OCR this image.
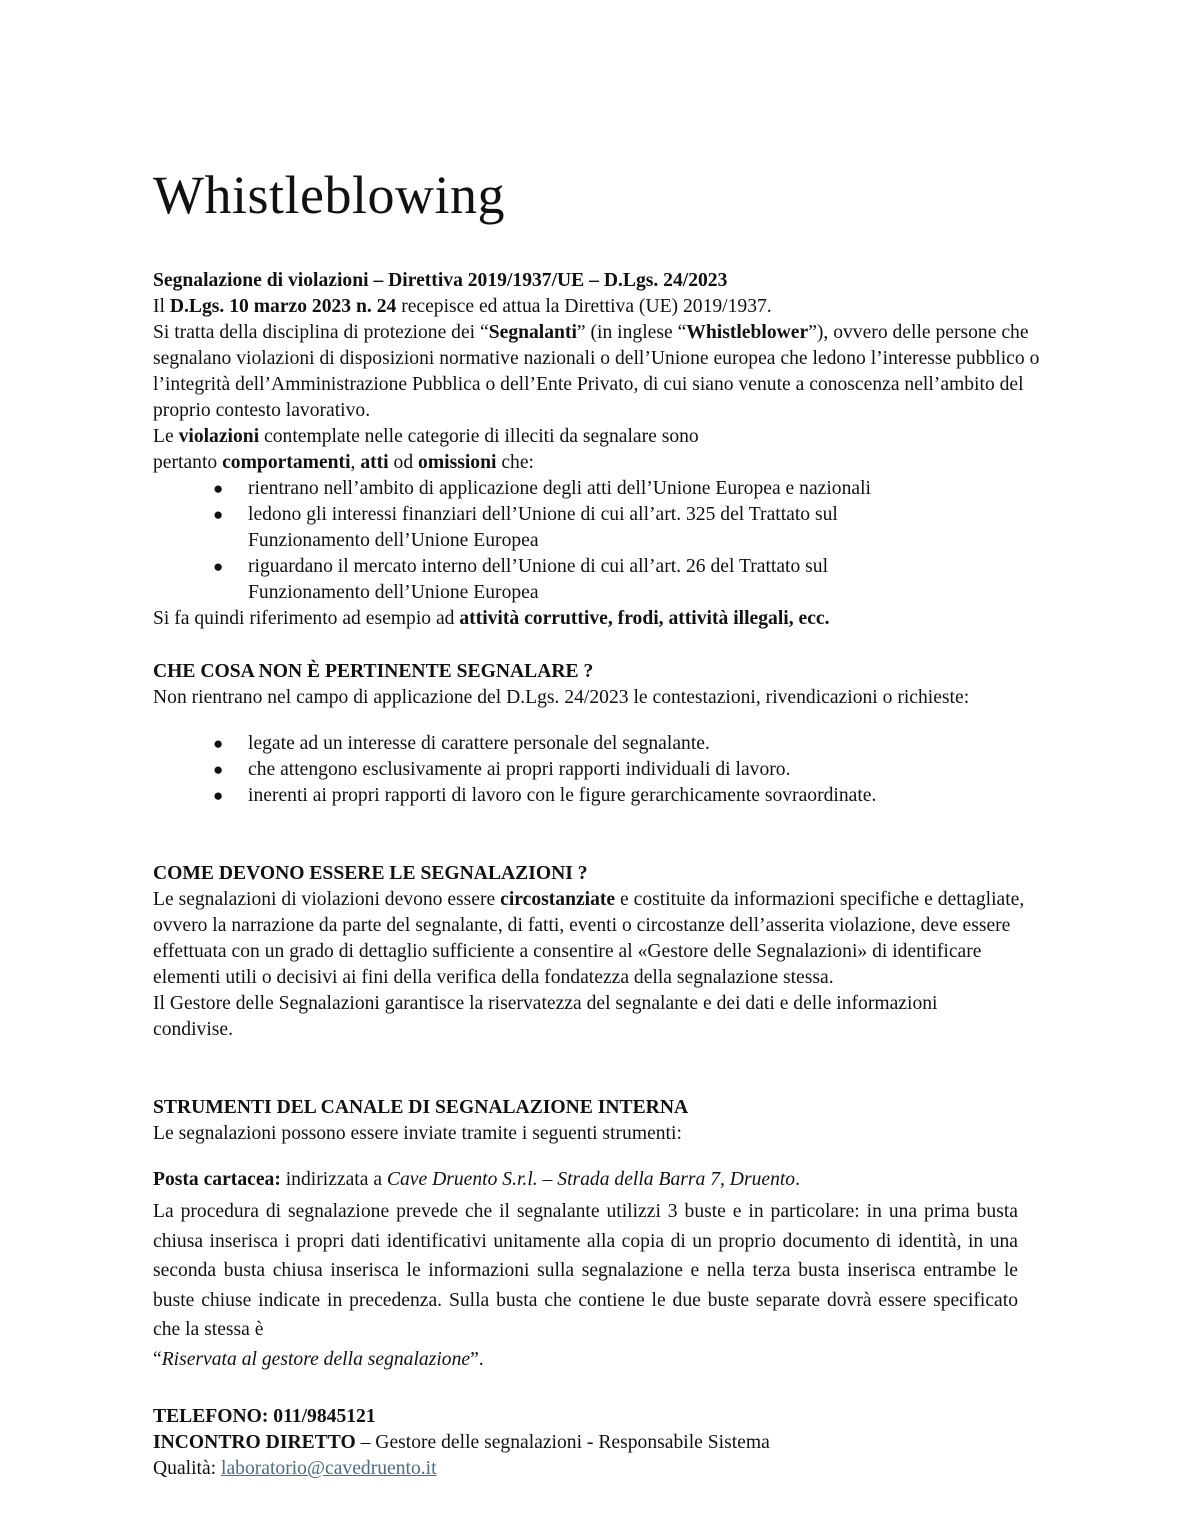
Whistleblowing
Segnalazione di violazioni – Direttiva 2019/1937/UE – D.Lgs. 24/2023

Il D.Lgs. 10 marzo 2023 n. 24 recepisce ed attua la Direttiva (UE) 2019/1937.

Si tratta della disciplina di protezione dei “Segnalanti” (in inglese “Whistleblower”), ovvero delle persone che segnalano violazioni di disposizioni normative nazionali o dell’Unione europea che ledono l’interesse pubblico o l’integrità dell’Amministrazione Pubblica o dell’Ente Privato, di cui siano venute a conoscenza nell’ambito del proprio contesto lavorativo.

Le violazioni contemplate nelle categorie di illeciti da segnalare sono

pertanto comportamenti, atti od omissioni che:

● rientrano nell’ambito di applicazione degli atti dell’Unione Europea e nazionali
● ledono gli interessi finanziari dell’Unione di cui all’art. 325 del Trattato sul Funzionamento dell’Unione Europea
● riguardano il mercato interno dell’Unione di cui all’art. 26 del Trattato sul Funzionamento dell’Unione Europea

Si fa quindi riferimento ad esempio ad attività corruttive, frodi, attività illegali, ecc.

CHE COSA NON È PERTINENTE SEGNALARE ?

Non rientrano nel campo di applicazione del D.Lgs. 24/2023 le contestazioni, rivendicazioni o richieste:

● legate ad un interesse di carattere personale del segnalante.
● che attengono esclusivamente ai propri rapporti individuali di lavoro.
● inerenti ai propri rapporti di lavoro con le figure gerarchicamente sovraordinate.
COME DEVONO ESSERE LE SEGNALAZIONI ?

Le segnalazioni di violazioni devono essere circostanziate e costituite da informazioni specifiche e dettagliate, ovvero la narrazione da parte del segnalante, di fatti, eventi o circostanze dell’asserita violazione, deve essere effettuata con un grado di dettaglio sufficiente a consentire al «Gestore delle Segnalazioni» di identificare elementi utili o decisivi ai fini della verifica della fondatezza della segnalazione stessa.

Il Gestore delle Segnalazioni garantisce la riservatezza del segnalante e dei dati e delle informazioni condivise.

STRUMENTI DEL CANALE DI SEGNALAZIONE INTERNA

Le segnalazioni possono essere inviate tramite i seguenti strumenti:

Posta cartacea: indirizzata a Cave Druento S.r.l. – Strada della Barra 7, Druento.

La procedura di segnalazione prevede che il segnalante utilizzi 3 buste e in particolare: in una prima busta chiusa inserisca i propri dati identificativi unitamente alla copia di un proprio documento di identità, in una seconda busta chiusa inserisca le informazioni sulla segnalazione e nella terza busta inserisca entrambe le buste chiuse indicate in precedenza. Sulla busta che contiene le due buste separate dovrà essere specificato che la stessa è
“Riservata al gestore della segnalazione”.

TELEFONO: 011/9845121

INCONTRO DIRETTO – Gestore delle segnalazioni - Responsabile Sistema

Qualità: laboratorio@cavedruento.it
